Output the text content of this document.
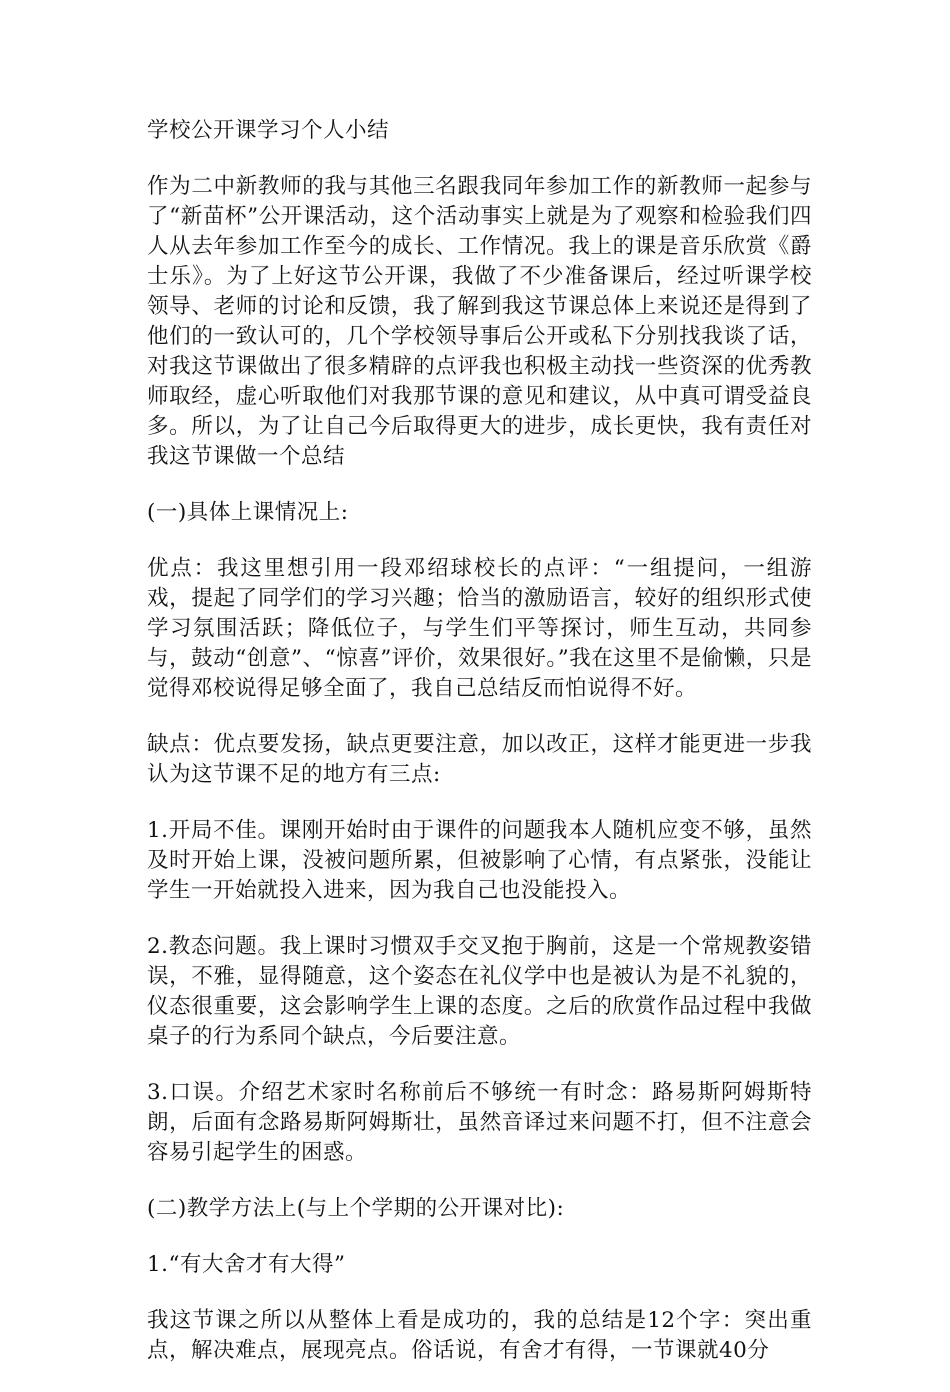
学校公开课学习个人小结

作为二中新教师的我与其他三名跟我同年参加工作的新教师一起参与了“新苗杯”公开课活动，这个活动事实上就是为了观察和检验我们四人从去年参加工作至今的成长、工作情况。我上的课是音乐欣赏《爵士乐》。为了上好这节公开课，我做了不少准备课后，经过听课学校领导、老师的讨论和反馈，我了解到我这节课总体上来说还是得到了他们的一致认可的，几个学校领导事后公开或私下分别找我谈了话，对我这节课做出了很多精辟的点评我也积极主动找一些资深的优秀教师取经，虚心听取他们对我那节课的意见和建议，从中真可谓受益良多。所以，为了让自己今后取得更大的进步，成长更快，我有责任对我这节课做一个总结

(一)具体上课情况上:

优点：我这里想引用一段邓绍球校长的点评：“一组提问，一组游戏，提起了同学们的学习兴趣；恰当的激励语言，较好的组织形式使学习氛围活跃；降低位子，与学生们平等探讨，师生互动，共同参与，鼓动“创意”、“惊喜”评价，效果很好。”我在这里不是偷懒，只是觉得邓校说得足够全面了，我自己总结反而怕说得不好。

缺点：优点要发扬，缺点更要注意，加以改正，这样才能更进一步我认为这节课不足的地方有三点:

1.开局不佳。课刚开始时由于课件的问题我本人随机应变不够，虽然及时开始上课，没被问题所累，但被影响了心情，有点紧张，没能让学生一开始就投入进来，因为我自己也没能投入。

2.教态问题。我上课时习惯双手交叉抱于胸前，这是一个常规教姿错误，不雅，显得随意，这个姿态在礼仪学中也是被认为是不礼貌的，仪态很重要，这会影响学生上课的态度。之后的欣赏作品过程中我做桌子的行为系同个缺点，今后要注意。

3.口误。介绍艺术家时名称前后不够统一有时念：路易斯阿姆斯特朗，后面有念路易斯阿姆斯壮，虽然音译过来问题不打，但不注意会容易引起学生的困惑。

(二)教学方法上(与上个学期的公开课对比):

1.“有大舍才有大得”

我这节课之所以从整体上看是成功的，我的总结是12个字：突出重点，解决难点，展现亮点。俗话说，有舍才有得，一节课就40分
